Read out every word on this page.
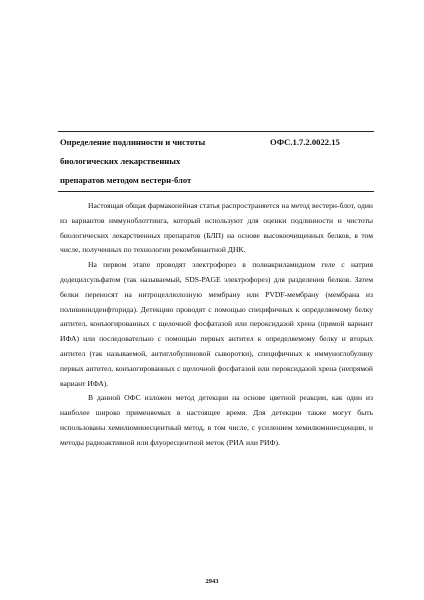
Определение подлинности и чистоты
биологических лекарственных
препаратов методом вестерн-блот
ОФС.1.7.2.0022.15

Настоящая общая фармакопейная статья распространяется на метод вестерн-блот, один из вариантов иммуноблоттинга, который используют для оценки подлинности и чистоты биологических лекарственных препаратов (БЛП) на основе высокоочищенных белков, в том числе, полученных по технологии рекомбинантной ДНК.

На первом этапе проводят электрофорез в полиакриламидном геле с натрия додецилсульфатом (так называемый, SDS-PAGE электрофорез) для разделения белков. Затем белки переносят на нитроцеллюлозную мембрану или PVDF-мембрану (мембрана из поливинилденфторида). Детекцию проводят с помощью специфичных к определяемому белку антител, конъюгированных с щелочной фосфатазой или пероксидазой хрена (прямой вариант ИФА) или последовательно с помощью первых антител к определяемому белку и вторых антител (так называемой, антиглобулиновой сыворотки), специфичных к иммуноглобулину первых антител, конъюгированных с щелочной фосфатазой или пероксидазой хрена (непрямой вариант ИФА).

В данной ОФС изложен метод детекции на основе цветной реакции, как один из наиболее широко применяемых в настоящее время. Для детекции также могут быть использованы хемилюминесцентный метод, в том числе, с усилением хемилюминесценции, и методы радиоактивной или флуоресцентной меток (РИА или РИФ).

2943
